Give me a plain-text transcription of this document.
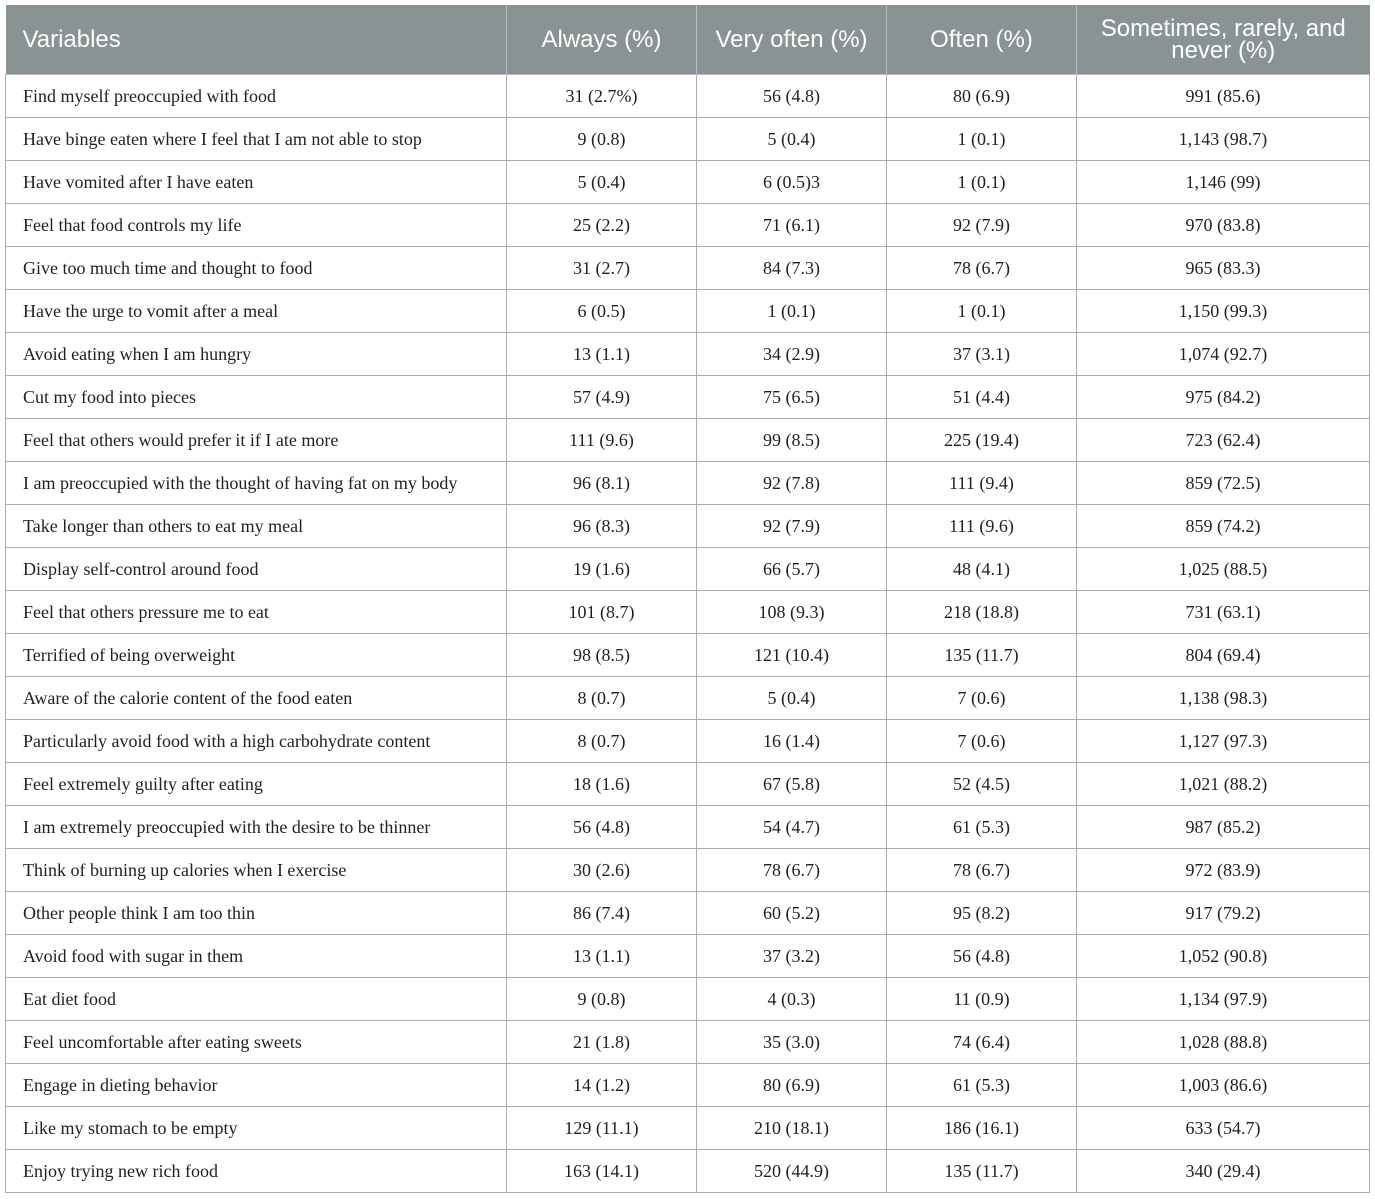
Variables	Always (%)	Very often (%)	Often (%)	Sometimes, rarely, and never (%)
Find myself preoccupied with food	31 (2.7%)	56 (4.8)	80 (6.9)	991 (85.6)
Have binge eaten where I feel that I am not able to stop	9 (0.8)	5 (0.4)	1 (0.1)	1,143 (98.7)
Have vomited after I have eaten	5 (0.4)	6 (0.5)3	1 (0.1)	1,146 (99)
Feel that food controls my life	25 (2.2)	71 (6.1)	92 (7.9)	970 (83.8)
Give too much time and thought to food	31 (2.7)	84 (7.3)	78 (6.7)	965 (83.3)
Have the urge to vomit after a meal	6 (0.5)	1 (0.1)	1 (0.1)	1,150 (99.3)
Avoid eating when I am hungry	13 (1.1)	34 (2.9)	37 (3.1)	1,074 (92.7)
Cut my food into pieces	57 (4.9)	75 (6.5)	51 (4.4)	975 (84.2)
Feel that others would prefer it if I ate more	111 (9.6)	99 (8.5)	225 (19.4)	723 (62.4)
I am preoccupied with the thought of having fat on my body	96 (8.1)	92 (7.8)	111 (9.4)	859 (72.5)
Take longer than others to eat my meal	96 (8.3)	92 (7.9)	111 (9.6)	859 (74.2)
Display self-control around food	19 (1.6)	66 (5.7)	48 (4.1)	1,025 (88.5)
Feel that others pressure me to eat	101 (8.7)	108 (9.3)	218 (18.8)	731 (63.1)
Terrified of being overweight	98 (8.5)	121 (10.4)	135 (11.7)	804 (69.4)
Aware of the calorie content of the food eaten	8 (0.7)	5 (0.4)	7 (0.6)	1,138 (98.3)
Particularly avoid food with a high carbohydrate content	8 (0.7)	16 (1.4)	7 (0.6)	1,127 (97.3)
Feel extremely guilty after eating	18 (1.6)	67 (5.8)	52 (4.5)	1,021 (88.2)
I am extremely preoccupied with the desire to be thinner	56 (4.8)	54 (4.7)	61 (5.3)	987 (85.2)
Think of burning up calories when I exercise	30 (2.6)	78 (6.7)	78 (6.7)	972 (83.9)
Other people think I am too thin	86 (7.4)	60 (5.2)	95 (8.2)	917 (79.2)
Avoid food with sugar in them	13 (1.1)	37 (3.2)	56 (4.8)	1,052 (90.8)
Eat diet food	9 (0.8)	4 (0.3)	11 (0.9)	1,134 (97.9)
Feel uncomfortable after eating sweets	21 (1.8)	35 (3.0)	74 (6.4)	1,028 (88.8)
Engage in dieting behavior	14 (1.2)	80 (6.9)	61 (5.3)	1,003 (86.6)
Like my stomach to be empty	129 (11.1)	210 (18.1)	186 (16.1)	633 (54.7)
Enjoy trying new rich food	163 (14.1)	520 (44.9)	135 (11.7)	340 (29.4)
